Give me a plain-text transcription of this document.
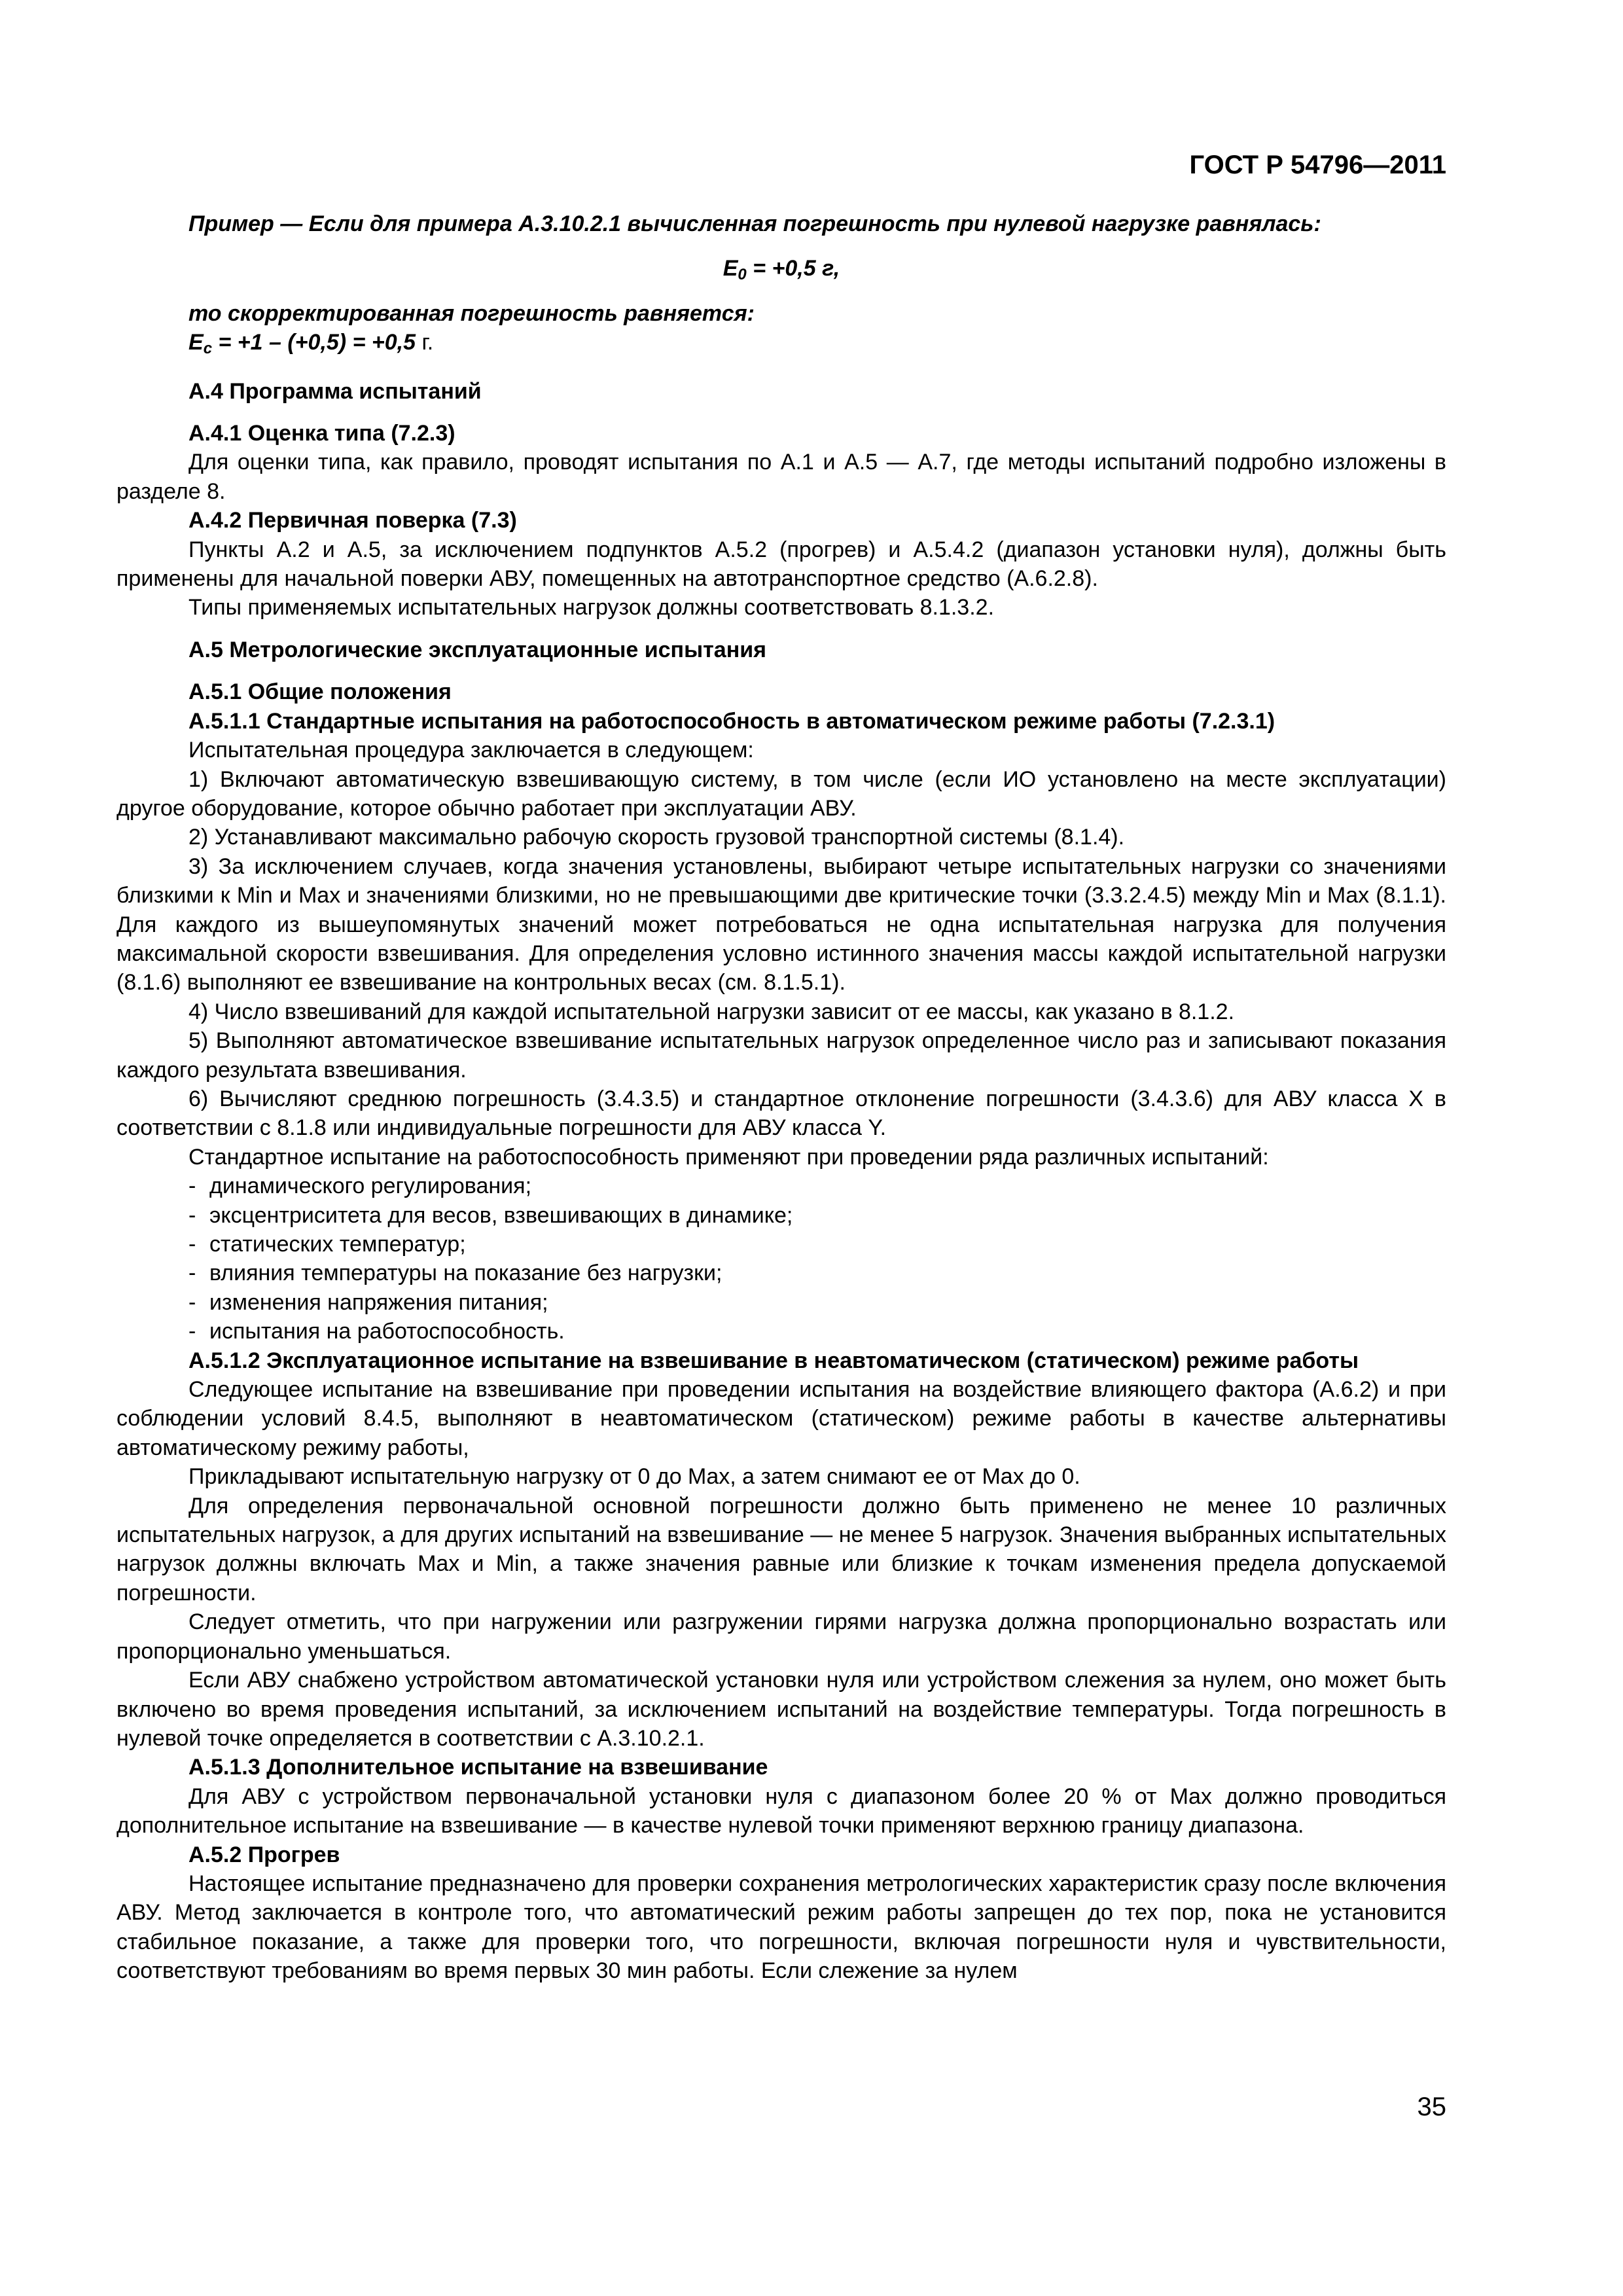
ГОСТ Р 54796—2011

Пример — Если для примера A.3.10.2.1 вычисленная погрешность при нулевой нагрузке равнялась:

$E_0 = +0,5$ г,

то скорректированная погрешность равняется:

$E_c = +1 - (+0,5) = +0,5$ г.

А.4 Программа испытаний

А.4.1 Оценка типа (7.2.3)

Для оценки типа, как правило, проводят испытания по А.1 и А.5 — А.7, где методы испытаний подробно изложены в разделе 8.

А.4.2 Первичная поверка (7.3)

Пункты А.2 и А.5, за исключением подпунктов А.5.2 (прогрев) и А.5.4.2 (диапазон установки нуля), должны быть применены для начальной поверки АВУ, помещенных на автотранспортное средство (А.6.2.8).

Типы применяемых испытательных нагрузок должны соответствовать 8.1.3.2.

А.5 Метрологические эксплуатационные испытания

А.5.1 Общие положения

А.5.1.1 Стандартные испытания на работоспособность в автоматическом режиме работы (7.2.3.1)

Испытательная процедура заключается в следующем:

1) Включают автоматическую взвешивающую систему, в том числе (если ИО установлено на месте эксплуатации) другое оборудование, которое обычно работает при эксплуатации АВУ.

2) Устанавливают максимально рабочую скорость грузовой транспортной системы (8.1.4).

3) За исключением случаев, когда значения установлены, выбирают четыре испытательных нагрузки со значениями близкими к Min и Max и значениями близкими, но не превышающими две критические точки (3.3.2.4.5) между Min и Max (8.1.1). Для каждого из вышеупомянутых значений может потребоваться не одна испытательная нагрузка для получения максимальной скорости взвешивания. Для определения условно истинного значения массы каждой испытательной нагрузки (8.1.6) выполняют ее взвешивание на контрольных весах (см. 8.1.5.1).

4) Число взвешиваний для каждой испытательной нагрузки зависит от ее массы, как указано в 8.1.2.

5) Выполняют автоматическое взвешивание испытательных нагрузок определенное число раз и записывают показания каждого результата взвешивания.

6) Вычисляют среднюю погрешность (3.4.3.5) и стандартное отклонение погрешности (3.4.3.6) для АВУ класса X в соответствии с 8.1.8 или индивидуальные погрешности для АВУ класса Y.

Стандартное испытание на работоспособность применяют при проведении ряда различных испытаний:

- динамического регулирования;

- эксцентриситета для весов, взвешивающих в динамике;

- статических температур;

- влияния температуры на показание без нагрузки;

- изменения напряжения питания;

- испытания на работоспособность.

А.5.1.2 Эксплуатационное испытание на взвешивание в неавтоматическом (статическом) режиме работы

Следующее испытание на взвешивание при проведении испытания на воздействие влияющего фактора (А.6.2) и при соблюдении условий 8.4.5, выполняют в неавтоматическом (статическом) режиме работы в качестве альтернативы автоматическому режиму работы,

Прикладывают испытательную нагрузку от 0 до Max, а затем снимают ее от Max до 0.

Для определения первоначальной основной погрешности должно быть применено не менее 10 различных испытательных нагрузок, а для других испытаний на взвешивание — не менее 5 нагрузок. Значения выбранных испытательных нагрузок должны включать Max и Min, а также значения равные или близкие к точкам изменения предела допускаемой погрешности.

Следует отметить, что при нагружении или разгружении гирями нагрузка должна пропорционально возрастать или пропорционально уменьшаться.

Если АВУ снабжено устройством автоматической установки нуля или устройством слежения за нулем, оно может быть включено во время проведения испытаний, за исключением испытаний на воздействие температуры. Тогда погрешность в нулевой точке определяется в соответствии с А.3.10.2.1.

А.5.1.3 Дополнительное испытание на взвешивание

Для АВУ с устройством первоначальной установки нуля с диапазоном более 20 % от Max должно проводиться дополнительное испытание на взвешивание — в качестве нулевой точки применяют верхнюю границу диапазона.

А.5.2 Прогрев

Настоящее испытание предназначено для проверки сохранения метрологических характеристик сразу после включения АВУ. Метод заключается в контроле того, что автоматический режим работы запрещен до тех пор, пока не установится стабильное показание, а также для проверки того, что погрешности, включая погрешности нуля и чувствительности, соответствуют требованиям во время первых 30 мин работы. Если слежение за нулем

35
